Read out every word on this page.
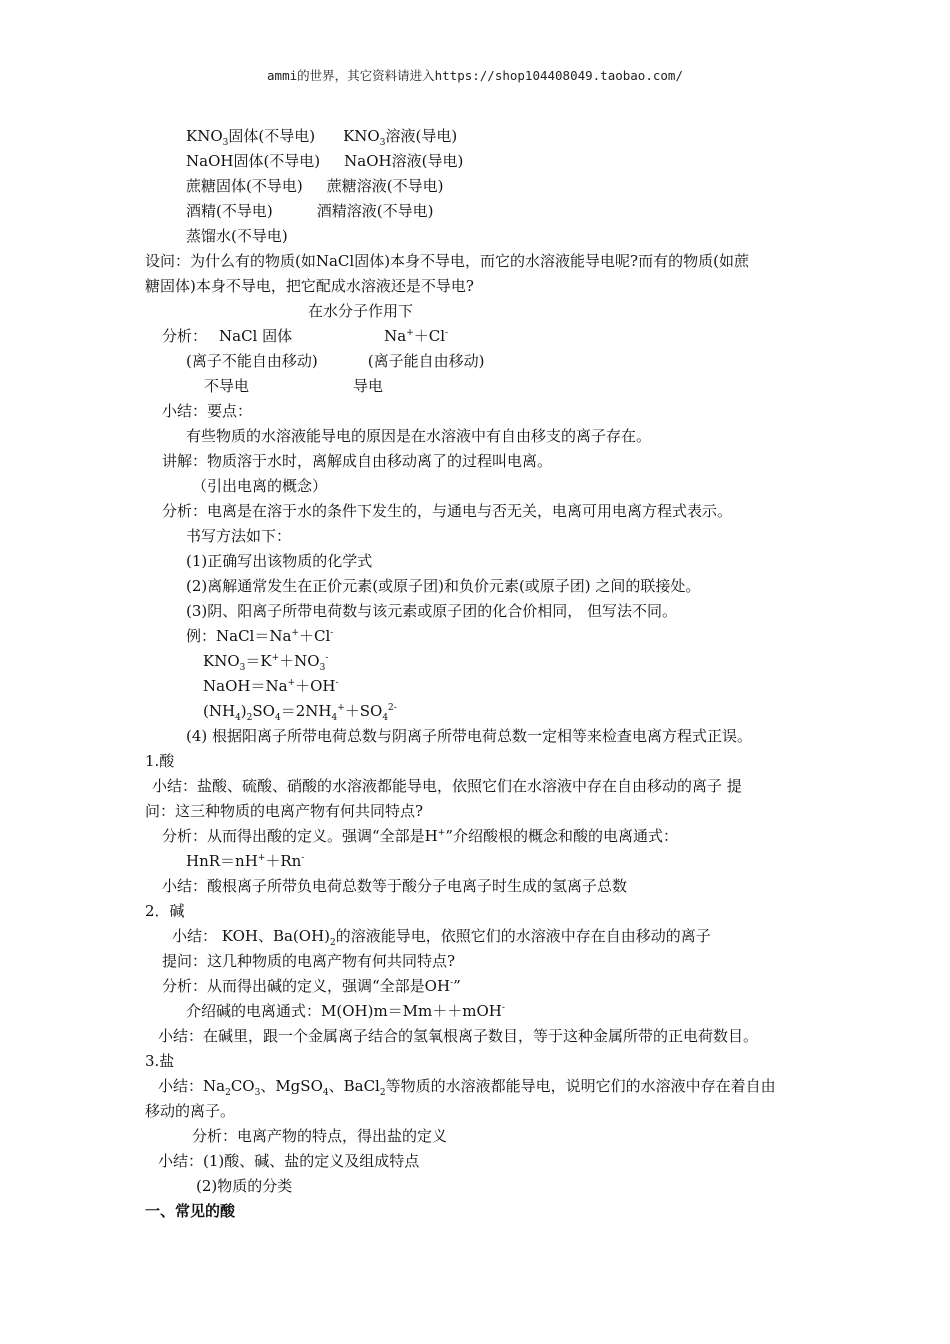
ammi的世界，其它资料请进入https://shop104408049.taobao.com/
$KNO_3$固体(不导电) $KNO_3$溶液(导电)
NaOH固体(不导电) NaOH溶液(导电)
蔗糖固体(不导电) 蔗糖溶液(不导电)
酒精(不导电)	酒精溶液(不导电)
蒸馏水(不导电)
设问：为什么有的物质(如NaCl固体)本身不导电，而它的水溶液能导电呢?而有的物质(如蔗
糖固体)本身不导电，把它配成水溶液还是不导电?
在水分子作用下
分析： NaCl 固体	Na+＋Cl-
(离子不能自由移动)	(离子能自由移动)
不导电	导电
小结：要点：
有些物质的水溶液能导电的原因是在水溶液中有自由移支的离子存在。
讲解：物质溶于水时，离解成自由移动离了的过程叫电离。
（引出电离的概念）
分析：电离是在溶于水的条件下发生的，与通电与否无关，电离可用电离方程式表示。
书写方法如下：
(1)正确写出该物质的化学式
(2)离解通常发生在正价元素(或原子团)和负价元素(或原子团) 之间的联接处。
(3)阴、阳离子所带电荷数与该元素或原子团的化合价相同， 但写法不同。
例：NaCl＝Na+＋Cl-
$KNO_3=K^++NO_3^-$
NaOH＝Na+＋OH-
$(NH_4)_2SO_4=2NH_4^++SO_4^{2-}$
(4) 根据阳离子所带电荷总数与阴离子所带电荷总数一定相等来检查电离方程式正误。
1.酸
小结：盐酸、硫酸、硝酸的水溶液都能导电，依照它们在水溶液中存在自由移动的离子 提
问：这三种物质的电离产物有何共同特点?
分析：从而得出酸的定义。强调“全部是H+”介绍酸根的概念和酸的电离通式：
HnR＝nH+＋Rn-
小结：酸根离子所带负电荷总数等于酸分子电离子时生成的氢离子总数
2．碱
小结： KOH、$Ba(OH)_2$的溶液能导电，依照它们的水溶液中存在自由移动的离子
提问：这几种物质的电离产物有何共同特点?
分析：从而得出碱的定义，强调“全部是OH-”
介绍碱的电离通式：M(OH)m＝Mm＋＋mOH-
小结：在碱里，跟一个金属离子结合的氢氧根离子数目，等于这种金属所带的正电荷数目。
3.盐
小结：$Na_2CO_3$、MgSO$_4$、BaCl$_2$等物质的水溶液都能导电，说明它们的水溶液中存在着自由
移动的离子。
分析：电离产物的特点，得出盐的定义
小结：(1)酸、碱、盐的定义及组成特点
(2)物质的分类
一、常见的酸
